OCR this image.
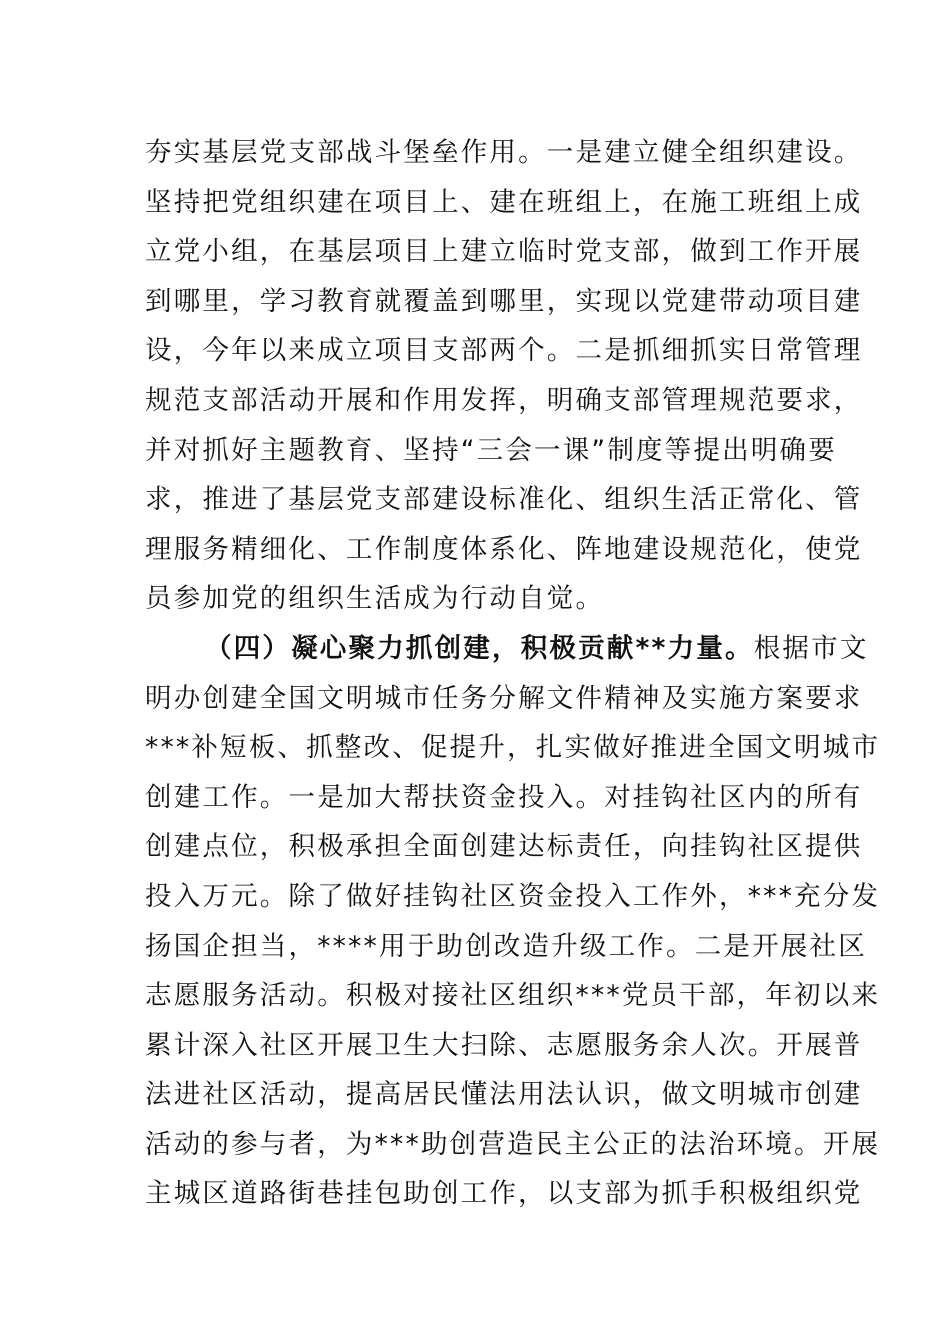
夯实基层党支部战斗堡垒作用。一是建立健全组织建设。
坚持把党组织建在项目上、建在班组上，在施工班组上成
立党小组，在基层项目上建立临时党支部，做到工作开展
到哪里，学习教育就覆盖到哪里，实现以党建带动项目建
设，今年以来成立项目支部两个。二是抓细抓实日常管理
规范支部活动开展和作用发挥，明确支部管理规范要求，
并对抓好主题教育、坚持“三会一课”制度等提出明确要
求，推进了基层党支部建设标准化、组织生活正常化、管
理服务精细化、工作制度体系化、阵地建设规范化，使党
员参加党的组织生活成为行动自觉。
（四）凝心聚力抓创建，积极贡献**力量。根据市文
明办创建全国文明城市任务分解文件精神及实施方案要求
***补短板、抓整改、促提升，扎实做好推进全国文明城市
创建工作。一是加大帮扶资金投入。对挂钩社区内的所有
创建点位，积极承担全面创建达标责任，向挂钩社区提供
投入万元。除了做好挂钩社区资金投入工作外，***充分发
扬国企担当，****用于助创改造升级工作。二是开展社区
志愿服务活动。积极对接社区组织***党员干部，年初以来
累计深入社区开展卫生大扫除、志愿服务余人次。开展普
法进社区活动，提高居民懂法用法认识，做文明城市创建
活动的参与者，为***助创营造民主公正的法治环境。开展
主城区道路街巷挂包助创工作，以支部为抓手积极组织党
